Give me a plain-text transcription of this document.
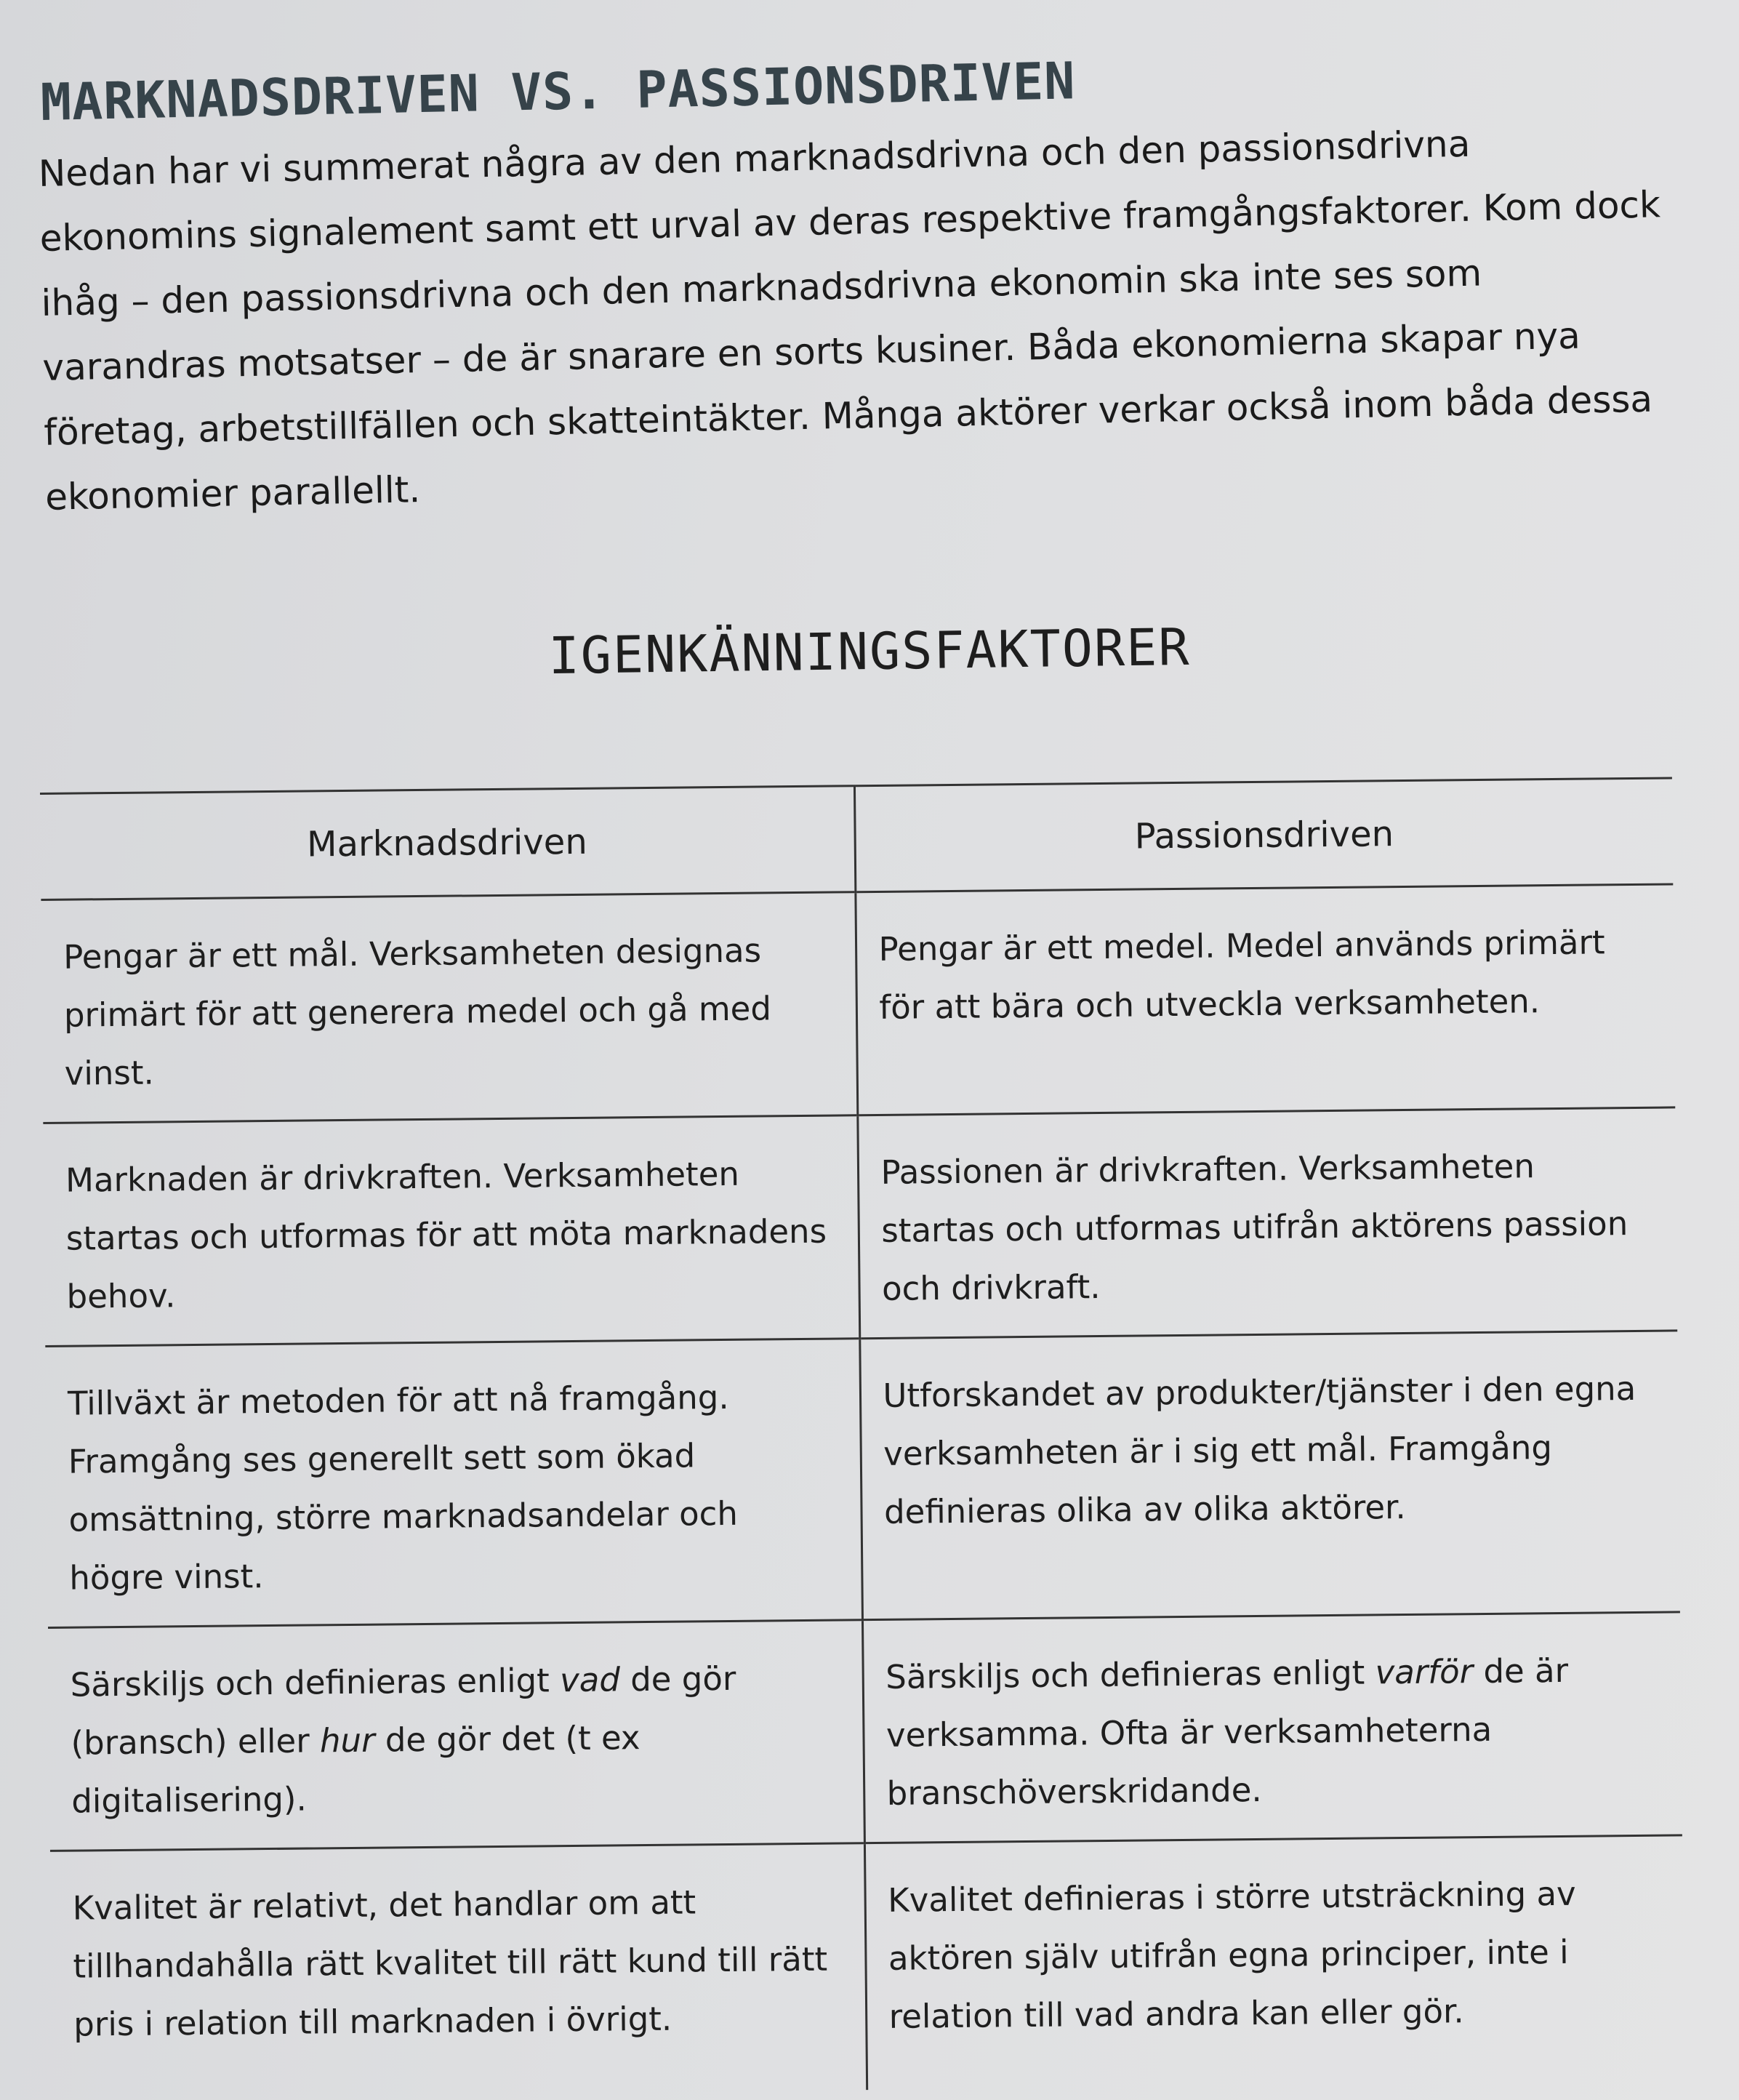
MARKNADSDRIVEN VS. PASSIONSDRIVEN
Nedan har vi summerat några av den marknadsdrivna och den passionsdrivna
ekonomins signalement samt ett urval av deras respektive framgångsfaktorer. Kom dock
ihåg – den passionsdrivna och den marknadsdrivna ekonomin ska inte ses som
varandras motsatser – de är snarare en sorts kusiner. Båda ekonomierna skapar nya
företag, arbetstillfällen och skatteintäkter. Många aktörer verkar också inom båda dessa
ekonomier parallellt.
IGENKÄNNINGSFAKTORER
Marknadsdriven	Passionsdriven
Pengar är ett mål. Verksamheten designas primärt för att generera medel och gå med vinst.	Pengar är ett medel. Medel används primärt för att bära och utveckla verksamheten.
Marknaden är drivkraften. Verksamheten startas och utformas för att möta marknadens behov.	Passionen är drivkraften. Verksamheten startas och utformas utifrån aktörens passion och drivkraft.
Tillväxt är metoden för att nå framgång. Framgång ses generellt sett som ökad omsättning, större marknadsandelar och högre vinst.	Utforskandet av produkter/tjänster i den egna verksamheten är i sig ett mål. Framgång definieras olika av olika aktörer.
Särskiljs och definieras enligt vad de gör (bransch) eller hur de gör det (t ex digitalisering).	Särskiljs och definieras enligt varför de är verksamma. Ofta är verksamheterna branschöverskridande.
Kvalitet är relativt, det handlar om att tillhandahålla rätt kvalitet till rätt kund till rätt pris i relation till marknaden i övrigt.	Kvalitet definieras i större utsträckning av aktören själv utifrån egna principer, inte i relation till vad andra kan eller gör.
